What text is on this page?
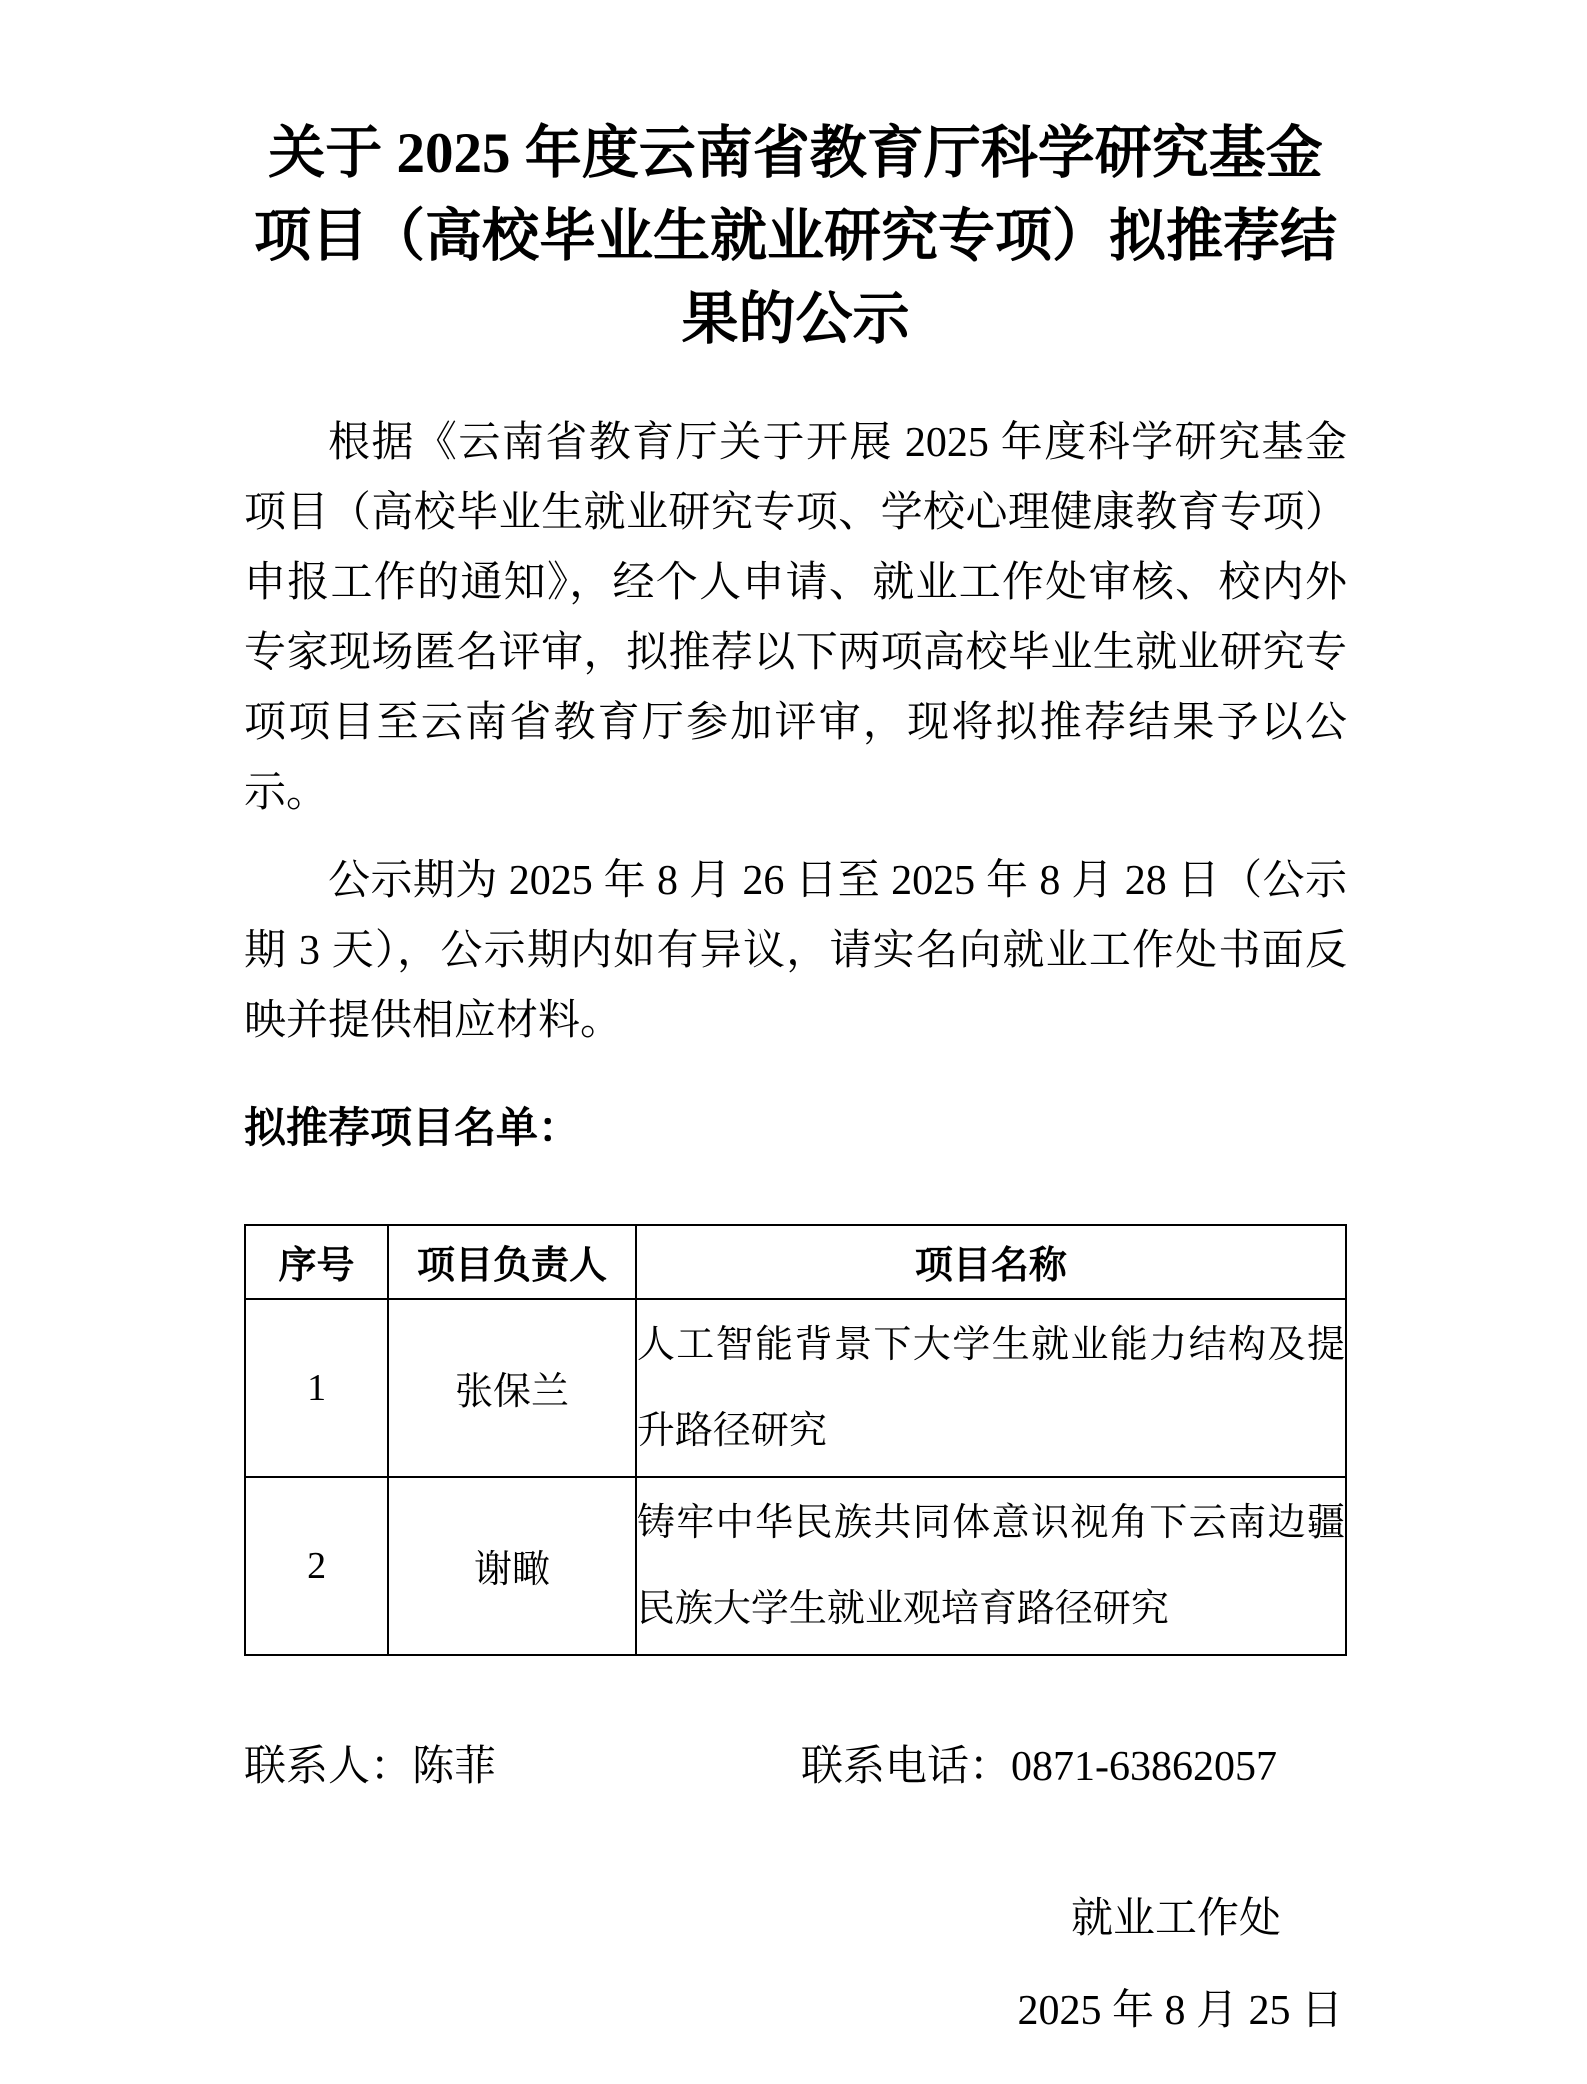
关于 2025 年度云南省教育厅科学研究基金
项目（高校毕业生就业研究专项）拟推荐结
果的公示

根据《云南省教育厅关于开展 2025 年度科学研究基金项目（高校毕业生就业研究专项、学校心理健康教育专项）申报工作的通知》，经个人申请、就业工作处审核、校内外专家现场匿名评审，拟推荐以下两项高校毕业生就业研究专项项目至云南省教育厅参加评审，现将拟推荐结果予以公示。

公示期为 2025 年 8 月 26 日至 2025 年 8 月 28 日（公示期 3 天），公示期内如有异议，请实名向就业工作处书面反映并提供相应材料。

拟推荐项目名单：

序号	项目负责人	项目名称
1	张保兰	人工智能背景下大学生就业能力结构及提升路径研究
2	谢瞰	铸牢中华民族共同体意识视角下云南边疆民族大学生就业观培育路径研究
联系人：陈菲	联系电话：0871-63862057
就业工作处
2025 年 8 月 25 日
